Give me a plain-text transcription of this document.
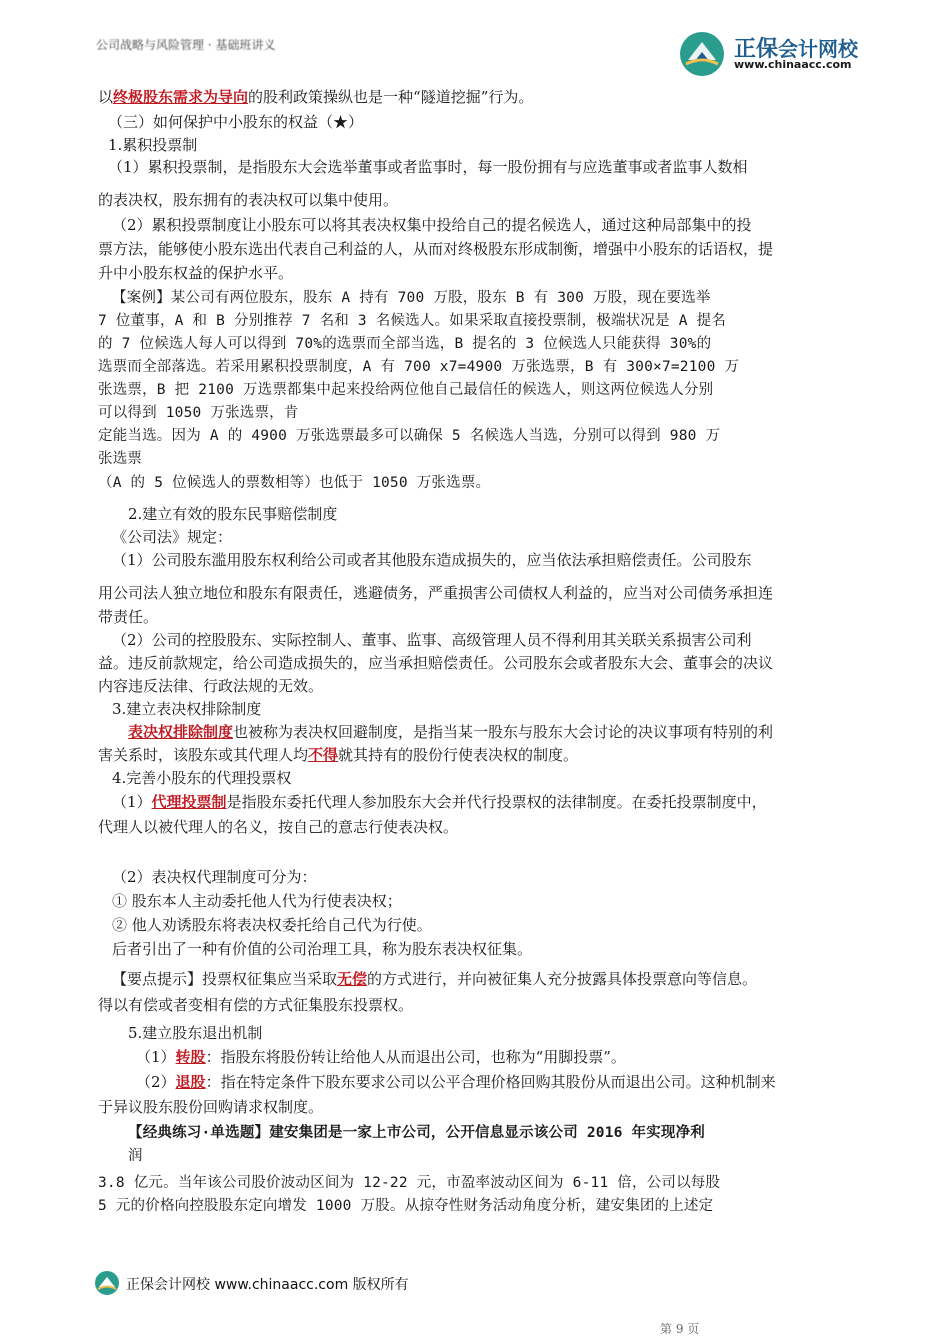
公司战略与风险管理 · 基础班讲义	正保会计网校
www.chinaacc.com
以终极股东需求为导向的股利政策操纵也是一种“隧道挖掘”行为。
（三）如何保护中小股东的权益（★）
1.累积投票制
（1）累积投票制，是指股东大会选举董事或者监事时，每一股份拥有与应选董事或者监事人数相
的表决权，股东拥有的表决权可以集中使用。
（2）累积投票制度让小股东可以将其表决权集中投给自己的提名候选人，通过这种局部集中的投
票方法，能够使小股东选出代表自己利益的人，从而对终极股东形成制衡，增强中小股东的话语权，提
升中小股东权益的保护水平。
【案例】某公司有两位股东，股东 A 持有 700 万股，股东 B 有 300 万股，现在要选举
7 位董事，A 和 B 分别推荐 7 名和 3 名候选人。如果采取直接投票制，极端状况是 A 提名
的 7 位候选人每人可以得到 70%的选票而全部当选，B 提名的 3 位候选人只能获得 30%的
选票而全部落选。若采用累积投票制度，A 有 700 x7=4900 万张选票，B 有 300×7=2100 万
张选票，B 把 2100 万选票都集中起来投给两位他自己最信任的候选人，则这两位候选人分别
可以得到 1050 万张选票，肯
定能当选。因为 A 的 4900 万张选票最多可以确保 5 名候选人当选，分别可以得到 980 万
张选票
（A 的 5 位候选人的票数相等）也低于 1050 万张选票。
2.建立有效的股东民事赔偿制度
《公司法》规定：
（1）公司股东滥用股东权利给公司或者其他股东造成损失的，应当依法承担赔偿责任。公司股东
用公司法人独立地位和股东有限责任，逃避债务，严重损害公司债权人利益的，应当对公司债务承担连
带责任。
（2）公司的控股股东、实际控制人、董事、监事、高级管理人员不得利用其关联关系损害公司利
益。违反前款规定，给公司造成损失的，应当承担赔偿责任。公司股东会或者股东大会、董事会的决议
内容违反法律、行政法规的无效。
3.建立表决权排除制度
表决权排除制度也被称为表决权回避制度，是指当某一股东与股东大会讨论的决议事项有特别的利
害关系时，该股东或其代理人均不得就其持有的股份行使表决权的制度。
4.完善小股东的代理投票权
（1）代理投票制是指股东委托代理人参加股东大会并代行投票权的法律制度。在委托投票制度中，
代理人以被代理人的名义，按自己的意志行使表决权。
（2）表决权代理制度可分为：
① 股东本人主动委托他人代为行使表决权；
② 他人劝诱股东将表决权委托给自己代为行使。
后者引出了一种有价值的公司治理工具，称为股东表决权征集。
【要点提示】投票权征集应当采取无偿的方式进行，并向被征集人充分披露具体投票意向等信息。
得以有偿或者变相有偿的方式征集股东投票权。
5.建立股东退出机制
（1）转股：指股东将股份转让给他人从而退出公司，也称为“用脚投票”。
（2）退股：指在特定条件下股东要求公司以公平合理价格回购其股份从而退出公司。这种机制来
于异议股东股份回购请求权制度。
【经典练习·单选题】建安集团是一家上市公司，公开信息显示该公司 2016 年实现净利
润
3.8 亿元。当年该公司股价波动区间为 12-22 元，市盈率波动区间为 6-11 倍，公司以每股
5 元的价格向控股股东定向增发 1000 万股。从掠夺性财务活动角度分析，建安集团的上述定
正保会计网校 www.chinaacc.com 版权所有
第 9 页
